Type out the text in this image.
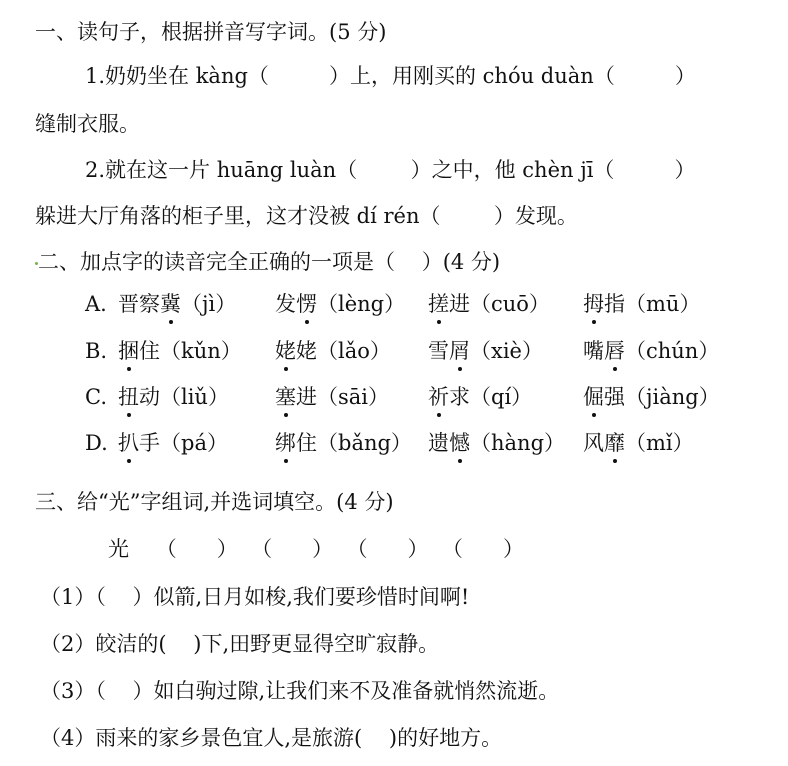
一、读句子，根据拼音写字词。(5 分)
1.奶奶坐在 kàng（         ）上，用刚买的 chóu duàn（         ）
缝制衣服。
2.就在这一片 huāng luàn（        ）之中，他 chèn jī（         ）
躲进大厅角落的柜子里，这才没被 dí rén（        ）发现。
二、加点字的读音完全正确的一项是（    ）(4 分)
A. 晋察冀（jì） 发愣（lèng） 搓进（cuō） 拇指（mū）
B. 捆住（kǔn） 姥姥（lǎo） 雪屑（xiè） 嘴唇（chún）
C. 扭动（liǔ） 塞进（sāi） 祈求（qí） 倔强（jiàng）
D. 扒手（pá） 绑住（bǎng） 遗憾（hàng） 风靡（mǐ）
三、给“光”字组词,并选词填空。(4 分)
光    （      ）  （      ）  （      ）  （      ）
（1）（    ）似箭,日月如梭,我们要珍惜时间啊!
（2）皎洁的(    )下,田野更显得空旷寂静。
（3）（    ）如白驹过隙,让我们来不及准备就悄然流逝。
（4）雨来的家乡景色宜人,是旅游(    )的好地方。
